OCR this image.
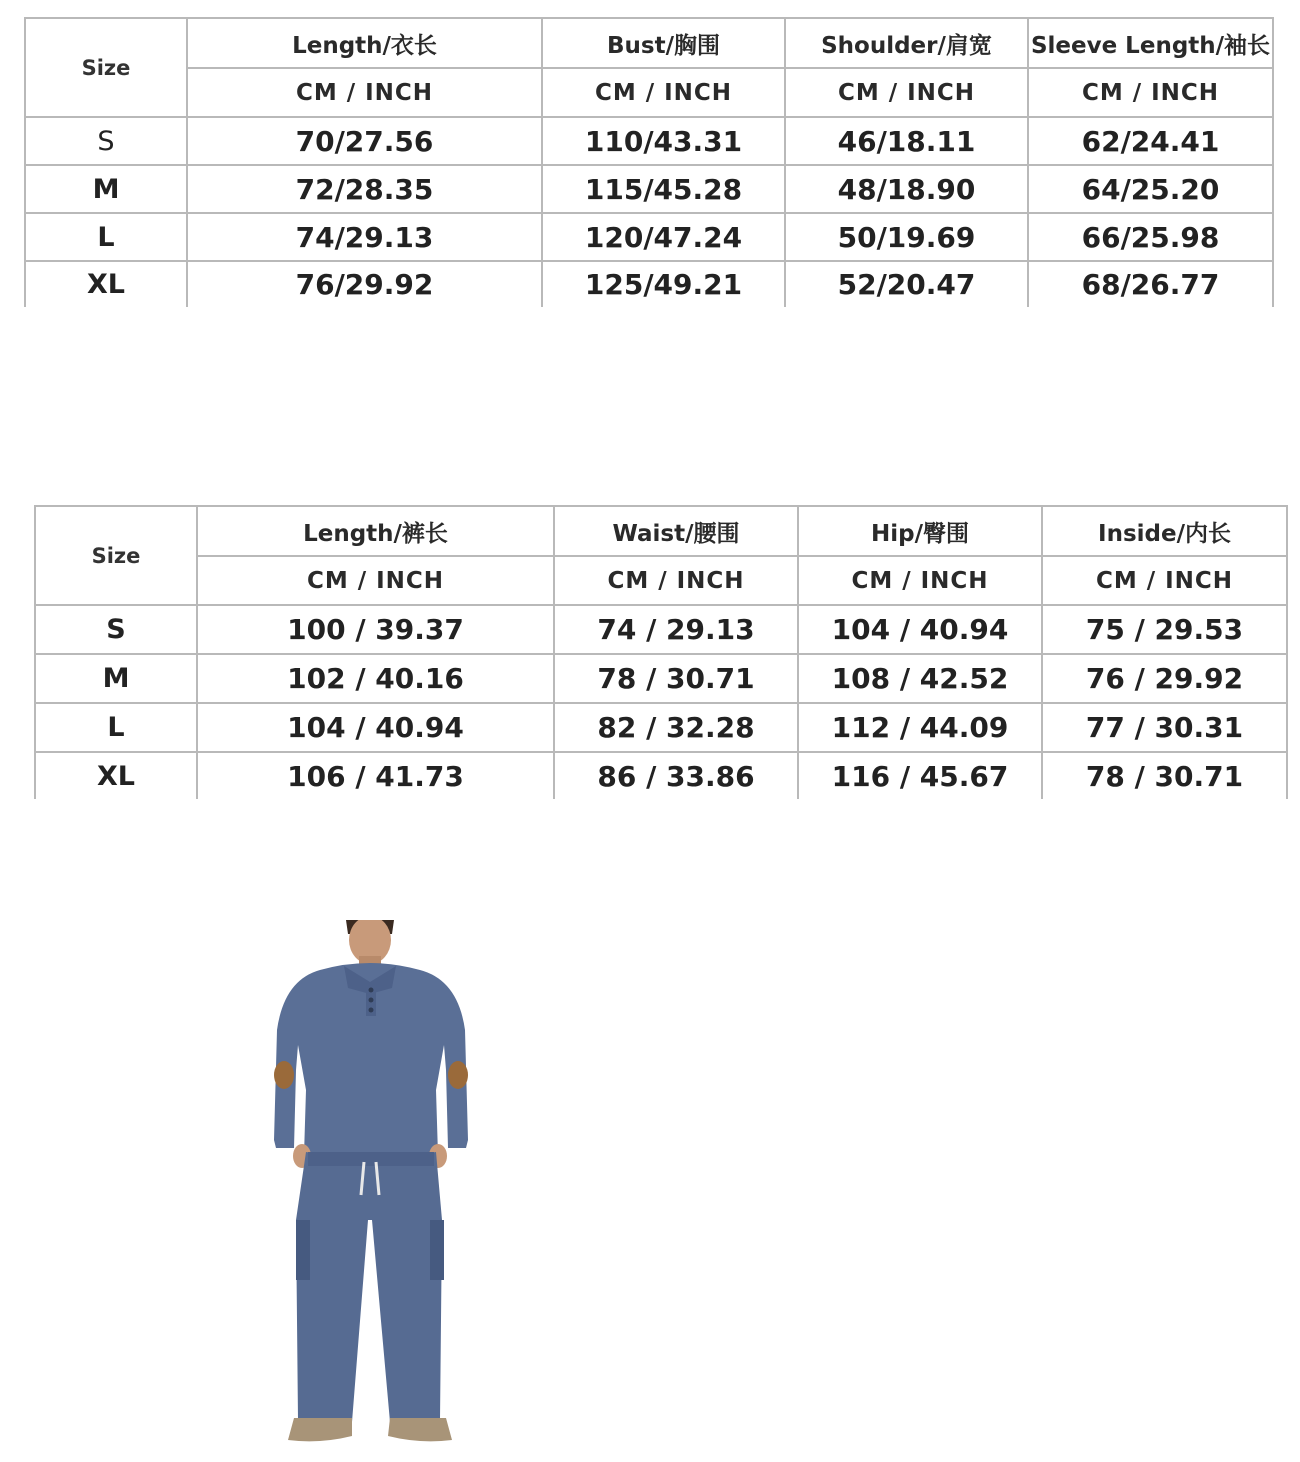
Size	Length/衣长	Bust/胸围	Shoulder/肩宽	Sleeve Length/袖长
	CM / INCH	CM / INCH	CM / INCH	CM / INCH
S	70/27.56	110/43.31	46/18.11	62/24.41
M	72/28.35	115/45.28	48/18.90	64/25.20
L	74/29.13	120/47.24	50/19.69	66/25.98
XL	76/29.92	125/49.21	52/20.47	68/26.77
Size	Length/裤长	Waist/腰围	Hip/臀围	Inside/内长
	CM / INCH	CM / INCH	CM / INCH	CM / INCH
S	100 / 39.37	74 / 29.13	104 / 40.94	75 / 29.53
M	102 / 40.16	78 / 30.71	108 / 42.52	76 / 29.92
L	104 / 40.94	82 / 32.28	112 / 44.09	77 / 30.31
XL	106 / 41.73	86 / 33.86	116 / 45.67	78 / 30.71
